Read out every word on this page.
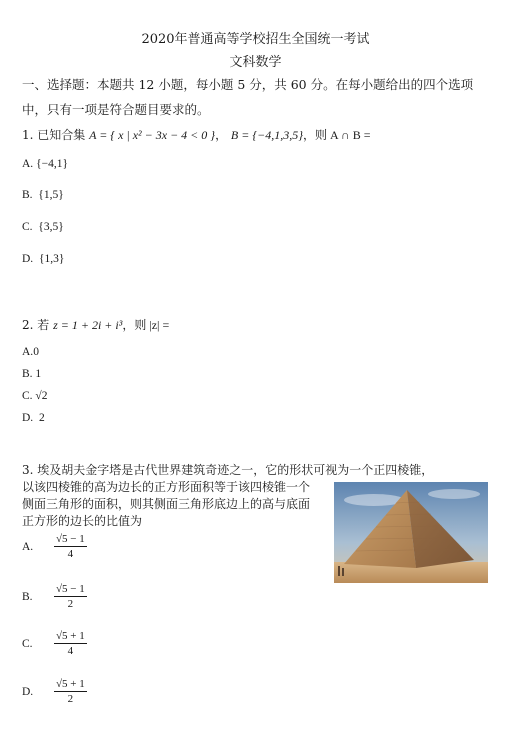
2020年普通高等学校招生全国统一考试
文科数学
一、选择题：本题共 12 小题，每小题 5 分，共 60 分。在每小题给出的四个选项
中，只有一项是符合题目要求的。
1. 已知合集 A = { x | x² − 3x − 4 < 0 }， B = {−4,1,3,5}，则 A ∩ B =
A. {−4,1}
B. {1,5}
C. {3,5}
D. {1,3}
2. 若 z = 1 + 2i + i³，则 |z| =
A.0
B. 1
C. √2
D. 2
3. 埃及胡夫金字塔是古代世界建筑奇迹之一，它的形状可视为一个正四棱锥，
以该四棱锥的高为边长的正方形面积等于该四棱锥一个
侧面三角形的面积，则其侧面三角形底边上的高与底面
正方形的边长的比值为
A.	$\frac{√5 - 1}{4}$
B.	$\frac{√5 - 1}{2}$
C.	$\frac{√5 + 1}{4}$
D.	$\frac{√5 + 1}{2}$
